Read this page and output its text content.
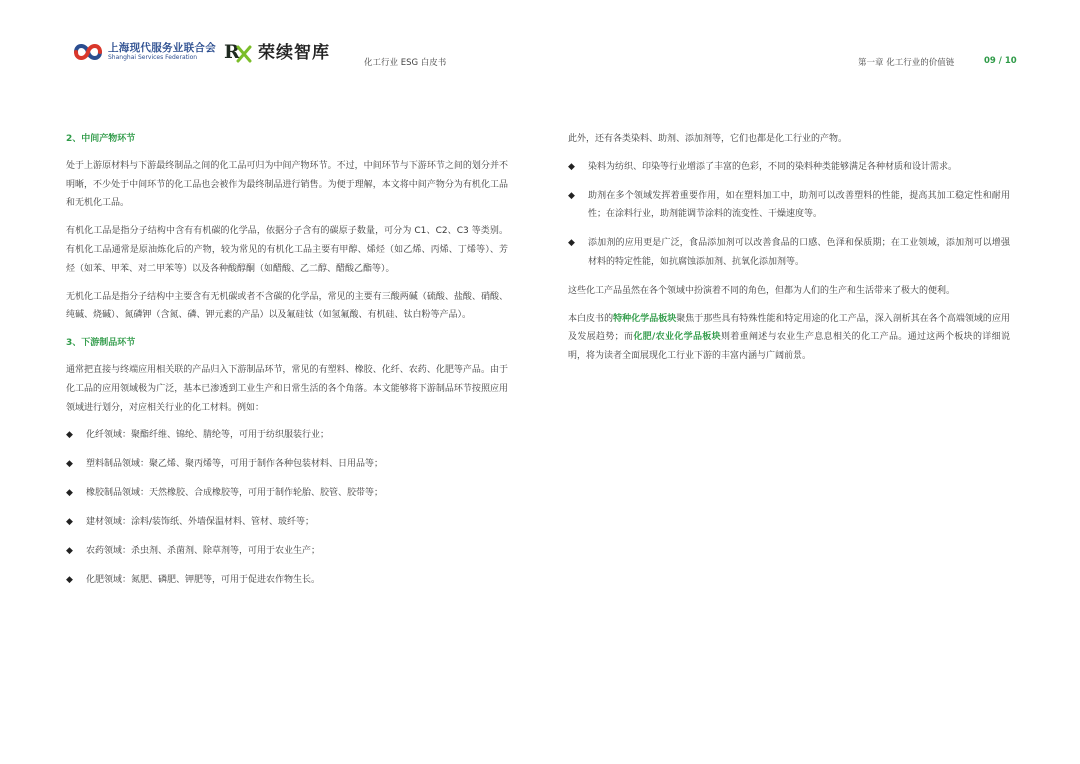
上海现代服务业联合会
Shanghai Services Federation	R 荣续智库	化工行业 ESG 白皮书	第一章 化工行业的价值链	09 / 10
2、中间产物环节

处于上游原材料与下游最终制品之间的化工品可归为中间产物环节。不过，中间环节与下游环节之间的划分并不明晰，不少处于中间环节的化工品也会被作为最终制品进行销售。为便于理解，本文将中间产物分为有机化工品和无机化工品。

有机化工品是指分子结构中含有有机碳的化学品，依据分子含有的碳原子数量，可分为 C1、C2、C3 等类别。有机化工品通常是原油炼化后的产物，较为常见的有机化工品主要有甲醇、烯烃（如乙烯、丙烯、丁烯等）、芳烃（如苯、甲苯、对二甲苯等）以及各种酸醇酮（如醋酸、乙二醇、醋酸乙酯等）。

无机化工品是指分子结构中主要含有无机碳或者不含碳的化学品，常见的主要有三酸两碱（硫酸、盐酸、硝酸、纯碱、烧碱）、氮磷钾（含氮、磷、钾元素的产品）以及氟硅钛（如氢氟酸、有机硅、钛白粉等产品）。

3、下游制品环节

通常把直接与终端应用相关联的产品归入下游制品环节，常见的有塑料、橡胶、化纤、农药、化肥等产品。由于化工品的应用领域极为广泛，基本已渗透到工业生产和日常生活的各个角落。本文能够将下游制品环节按照应用领域进行划分，对应相关行业的化工材料。例如：

◆	化纤领域：聚酯纤维、锦纶、腈纶等，可用于纺织服装行业；
◆	塑料制品领域：聚乙烯、聚丙烯等，可用于制作各种包装材料、日用品等；
◆	橡胶制品领域：天然橡胶、合成橡胶等，可用于制作轮胎、胶管、胶带等；
◆	建材领域：涂料/装饰纸、外墙保温材料、管材、玻纤等；
◆	农药领域：杀虫剂、杀菌剂、除草剂等，可用于农业生产；
◆	化肥领域：氮肥、磷肥、钾肥等，可用于促进农作物生长。

此外，还有各类染料、助剂、添加剂等，它们也都是化工行业的产物。

◆	染料为纺织、印染等行业增添了丰富的色彩，不同的染料种类能够满足各种材质和设计需求。
◆	助剂在多个领域发挥着重要作用，如在塑料加工中，助剂可以改善塑料的性能，提高其加工稳定性和耐用性；在涂料行业，助剂能调节涂料的流变性、干燥速度等。
◆	添加剂的应用更是广泛，食品添加剂可以改善食品的口感、色泽和保质期；在工业领域，添加剂可以增强材料的特定性能，如抗腐蚀添加剂、抗氧化添加剂等。

这些化工产品虽然在各个领域中扮演着不同的角色，但都为人们的生产和生活带来了极大的便利。

本白皮书的特种化学品板块聚焦于那些具有特殊性能和特定用途的化工产品，深入剖析其在各个高端领域的应用及发展趋势；而化肥/农业化学品板块则着重阐述与农业生产息息相关的化工产品。通过这两个板块的详细说明，将为读者全面展现化工行业下游的丰富内涵与广阔前景。
